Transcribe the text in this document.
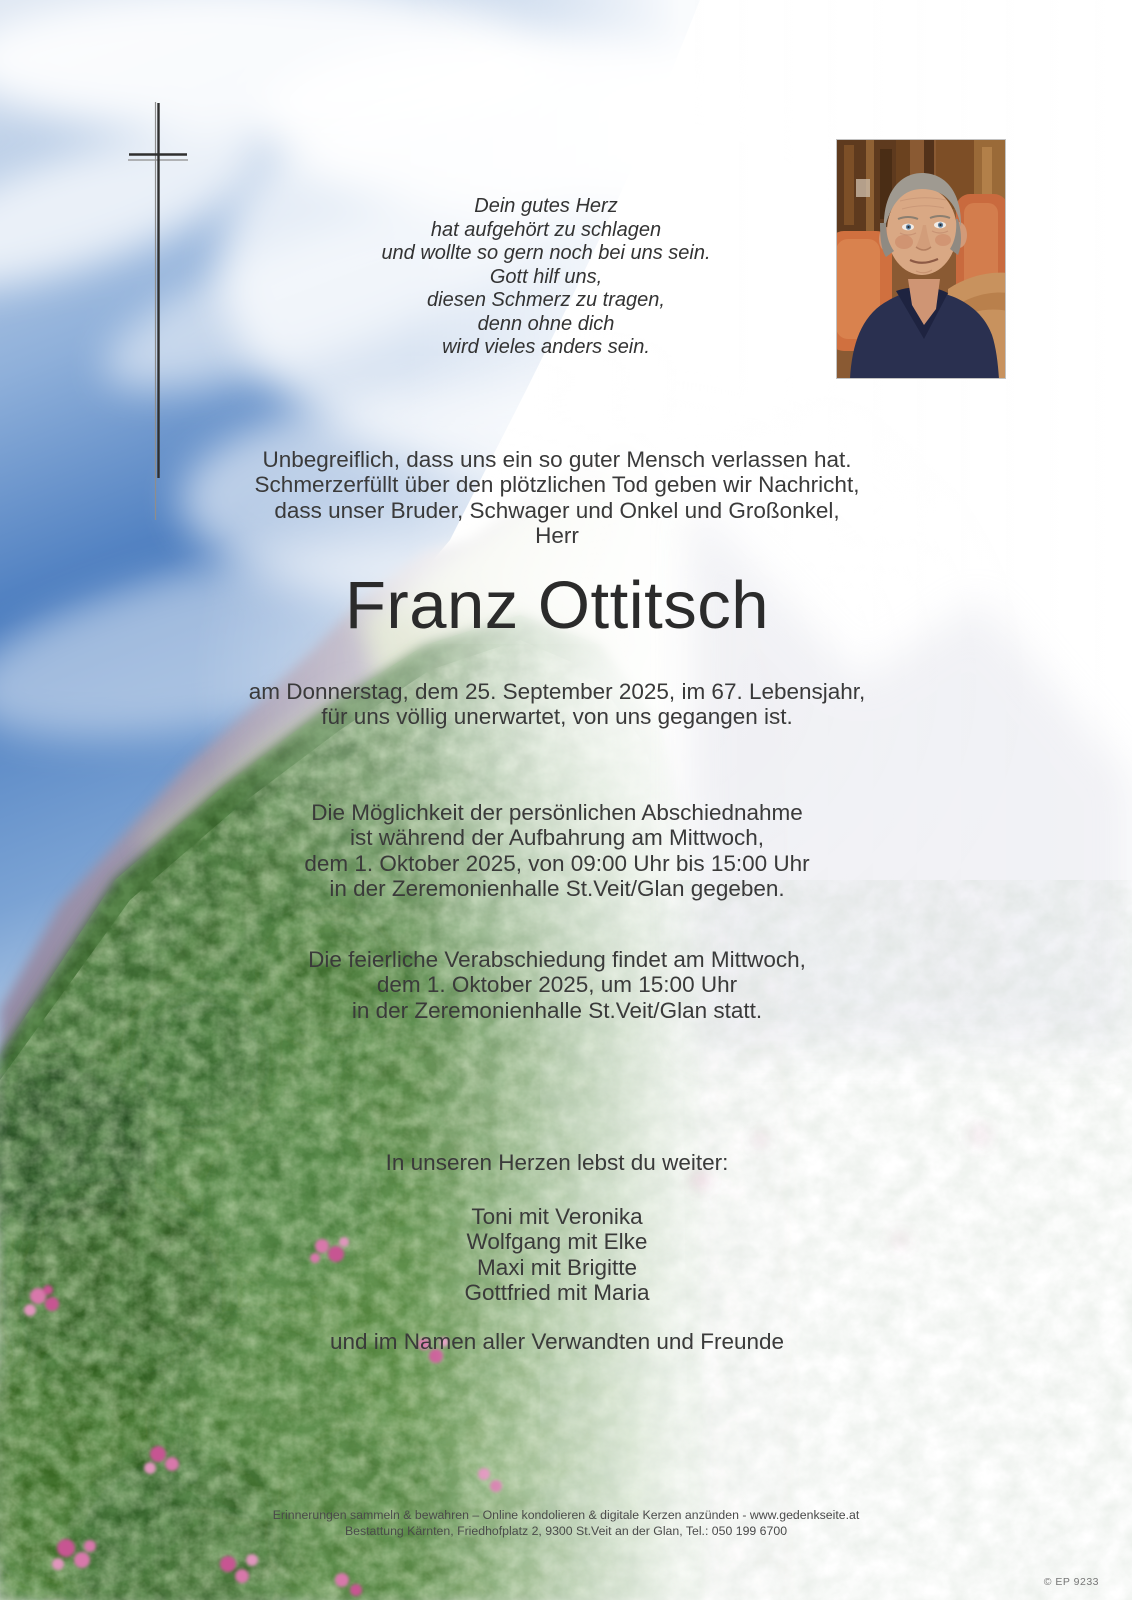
Dein gutes Herz
hat aufgehört zu schlagen
und wollte so gern noch bei uns sein.
Gott hilf uns,
diesen Schmerz zu tragen,
denn ohne dich
wird vieles anders sein.
Unbegreiflich, dass uns ein so guter Mensch verlassen hat.
Schmerzerfüllt über den plötzlichen Tod geben wir Nachricht,
dass unser Bruder, Schwager und Onkel und Großonkel,
Herr
Franz Ottitsch
am Donnerstag, dem 25. September 2025, im 67. Lebensjahr,
für uns völlig unerwartet, von uns gegangen ist.
Die Möglichkeit der persönlichen Abschiednahme
ist während der Aufbahrung am Mittwoch,
dem 1. Oktober 2025, von 09:00 Uhr bis 15:00 Uhr
in der Zeremonienhalle St.Veit/Glan gegeben.
Die feierliche Verabschiedung findet am Mittwoch,
dem 1. Oktober 2025, um 15:00 Uhr
in der Zeremonienhalle St.Veit/Glan statt.
In unseren Herzen lebst du weiter:
Toni mit Veronika
Wolfgang mit Elke
Maxi mit Brigitte
Gottfried mit Maria
und im Namen aller Verwandten und Freunde
Erinnerungen sammeln & bewahren – Online kondolieren & digitale Kerzen anzünden - www.gedenkseite.at
Bestattung Kärnten, Friedhofplatz 2, 9300 St.Veit an der Glan, Tel.: 050 199 6700
© EP 9233
